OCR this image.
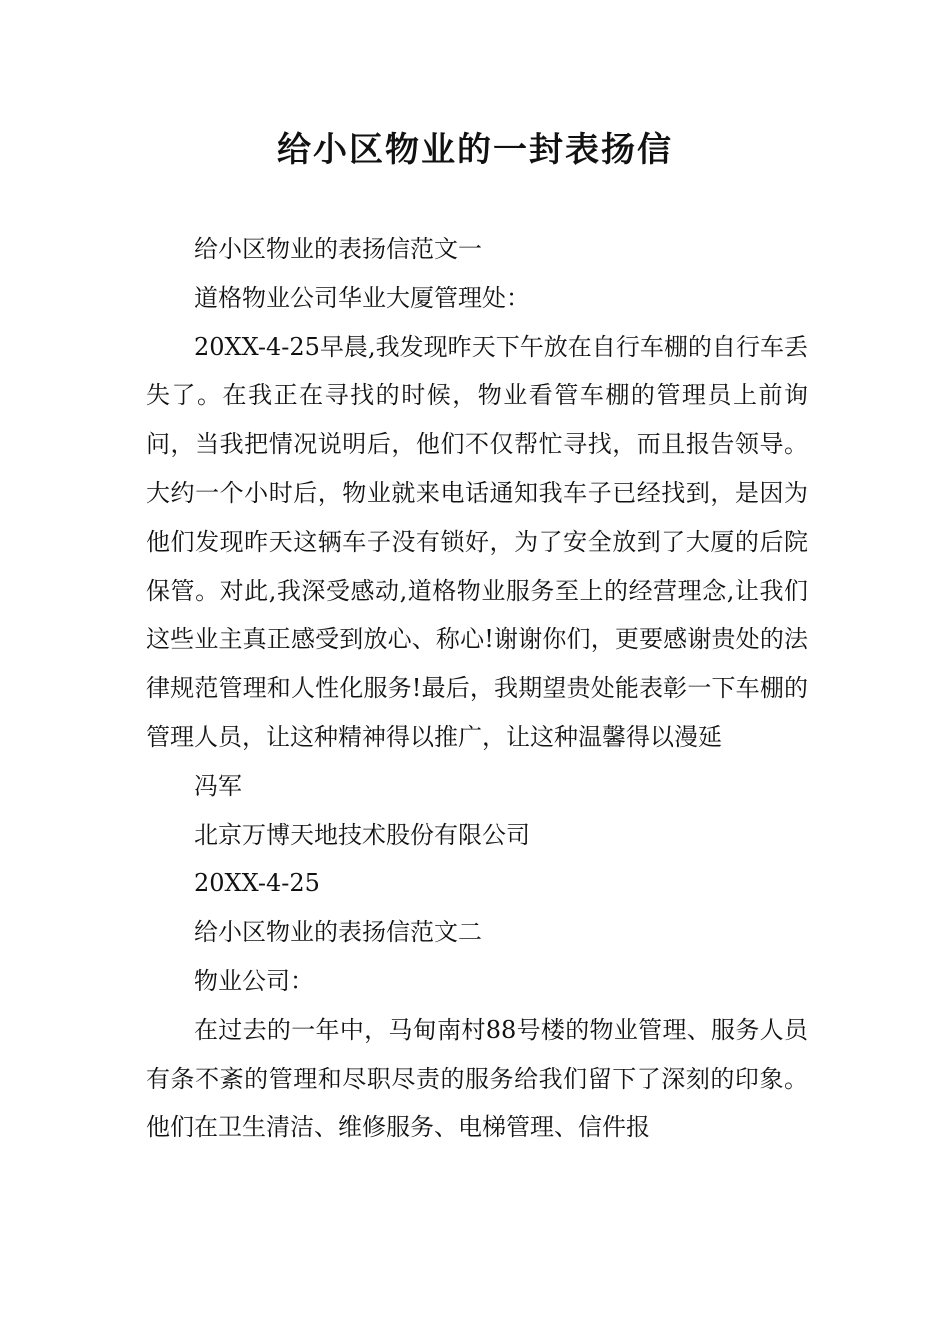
给小区物业的一封表扬信

给小区物业的表扬信范文一

道格物业公司华业大厦管理处：

20XX-4-25早晨,我发现昨天下午放在自行车棚的自行车丢失了。在我正在寻找的时候，物业看管车棚的管理员上前询问，当我把情况说明后，他们不仅帮忙寻找，而且报告领导。大约一个小时后，物业就来电话通知我车子已经找到，是因为他们发现昨天这辆车子没有锁好，为了安全放到了大厦的后院保管。对此,我深受感动,道格物业服务至上的经营理念,让我们这些业主真正感受到放心、称心!谢谢你们，更要感谢贵处的法律规范管理和人性化服务!最后，我期望贵处能表彰一下车棚的管理人员，让这种精神得以推广，让这种温馨得以漫延

冯军

北京万博天地技术股份有限公司

20XX-4-25

给小区物业的表扬信范文二

物业公司：

在过去的一年中，马甸南村88号楼的物业管理、服务人员有条不紊的管理和尽职尽责的服务给我们留下了深刻的印象。他们在卫生清洁、维修服务、电梯管理、信件报
